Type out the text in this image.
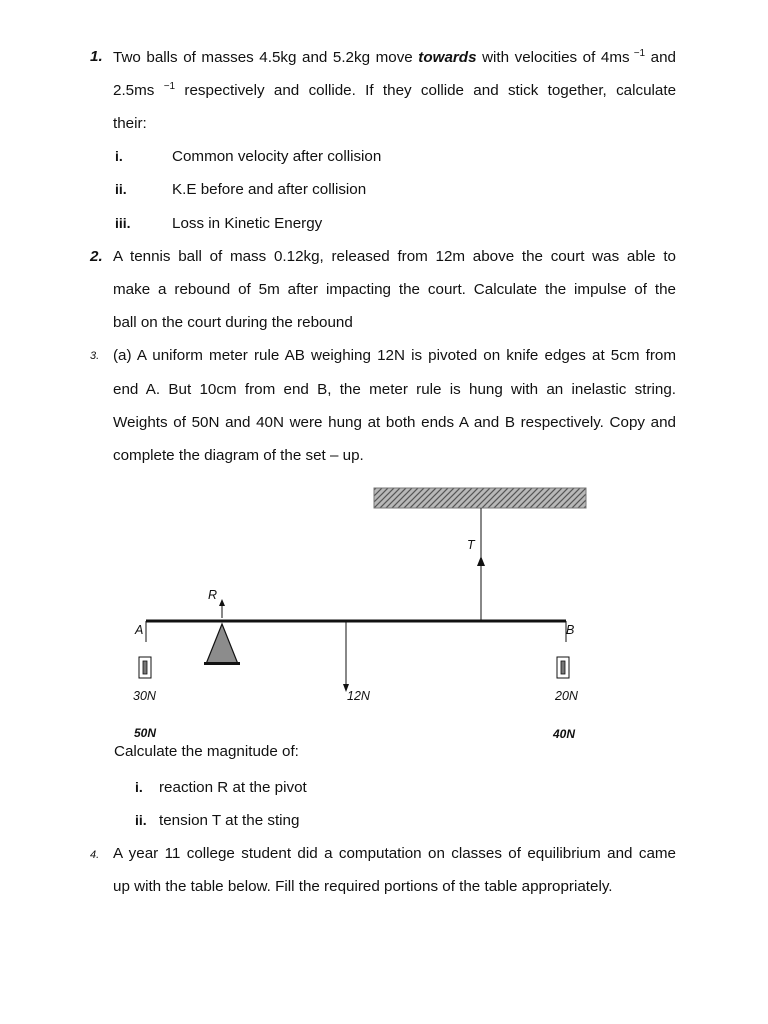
1. Two balls of masses 4.5kg and 5.2kg move towards with velocities of 4ms $^{-1}$ and
2.5ms $^{-1}$ respectively and collide. If they collide and stick together, calculate
their:
i.	Common velocity after collision
ii.	K.E before and after collision
iii.	Loss in Kinetic Energy
2. A tennis ball of mass 0.12kg, released from 12m above the court was able to
make a rebound of 5m after impacting the court. Calculate the impulse of the
ball on the court during the rebound
3. (a) A uniform meter rule AB weighing 12N is pivoted on knife edges at 5cm from
end A. But 10cm from end B, the meter rule is hung with an inelastic string.
Weights of 50N and 40N were hung at both ends A and B respectively. Copy and
complete the diagram of the set – up.
T
R
A	B
30N	12N	20N
50N	40N
Calculate the magnitude of:
i. reaction R at the pivot
ii. tension T at the sting
4. A year 11 college student did a computation on classes of equilibrium and came
up with the table below. Fill the required portions of the table appropriately.
